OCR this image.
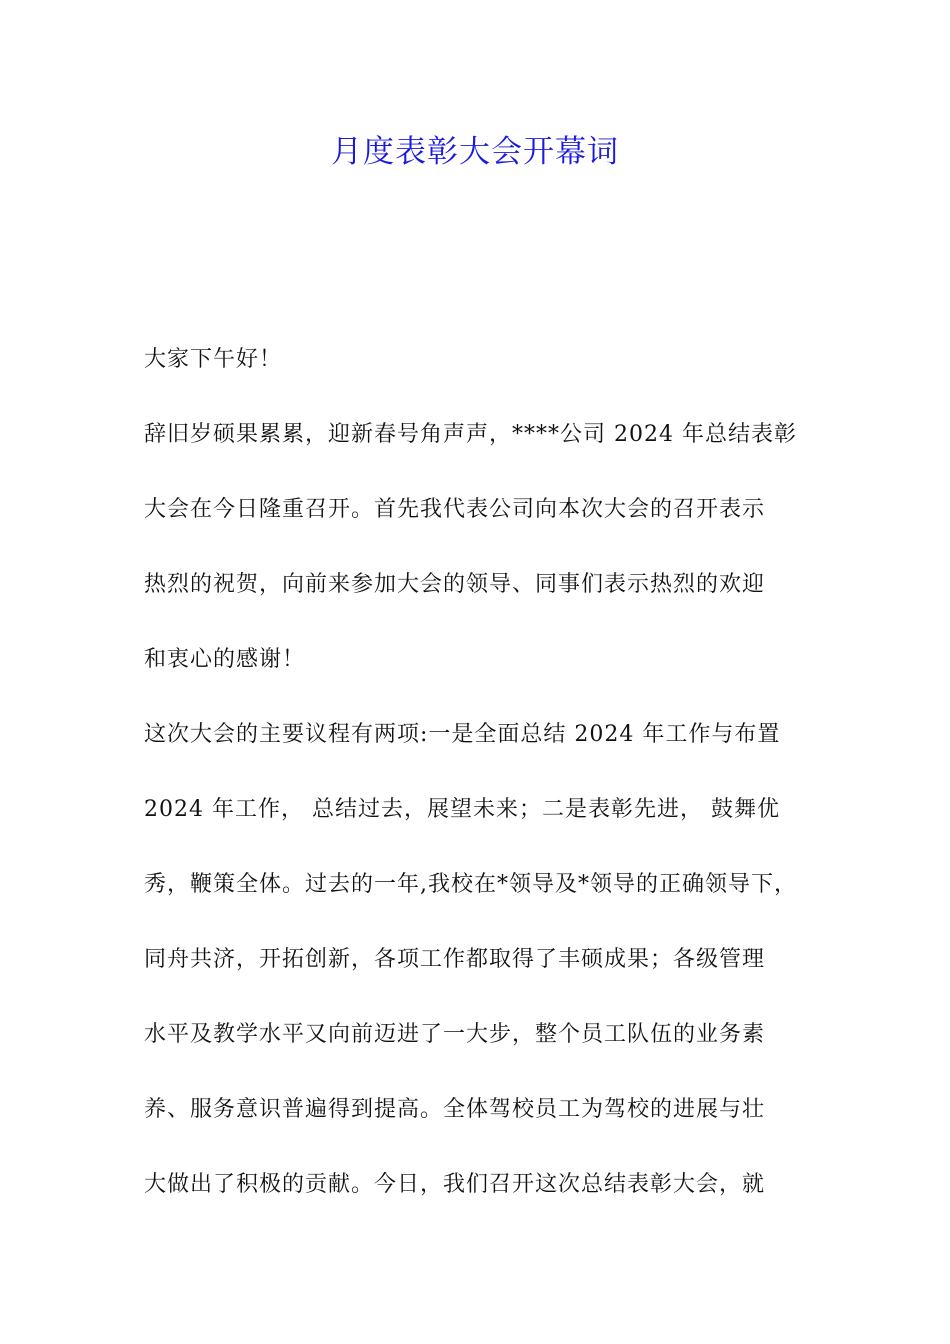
月度表彰大会开幕词
大家下午好！
辞旧岁硕果累累，迎新春号角声声，****公司 2024 年总结表彰
大会在今日隆重召开。首先我代表公司向本次大会的召开表示
热烈的祝贺，向前来参加大会的领导、同事们表示热烈的欢迎
和衷心的感谢！
这次大会的主要议程有两项:一是全面总结 2024 年工作与布置
2024 年工作， 总结过去，展望未来；二是表彰先进， 鼓舞优
秀，鞭策全体。过去的一年,我校在*领导及*领导的正确领导下，
同舟共济，开拓创新，各项工作都取得了丰硕成果；各级管理
水平及教学水平又向前迈进了一大步，整个员工队伍的业务素
养、服务意识普遍得到提高。全体驾校员工为驾校的进展与壮
大做出了积极的贡献。今日，我们召开这次总结表彰大会，就
